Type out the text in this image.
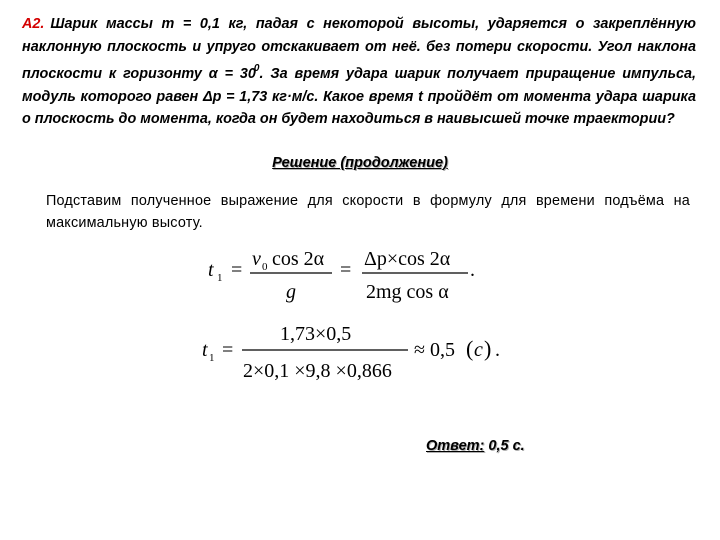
А2. Шарик массы m = 0,1 кг, падая с некоторой высоты, ударяется о закреплённую наклонную плоскость и упруго отскакивает от неё. без потери скорости. Угол наклона плоскости к горизонту $\alpha = 30^0$. За время удара шарик получает приращение импульса, модуль которого равен Δp = 1,73 кг·м/с. Какое время t пройдёт от момента удара шарика о плоскость до момента, когда он будет находиться в наивысшей точке траектории?
Решение (продолжение)
Подставим полученное выражение для скорости в формулу для времени подъёма на максимальную высоту.
t 1 = v 0 cos 2α
g
= Δp×cos 2α
2mg cos α
.
t 1 =
1,73×0,5
2×0,1 ×9,8 ×0,866
≈ 0,5 ( c ) .
Ответ: 0,5 с.
